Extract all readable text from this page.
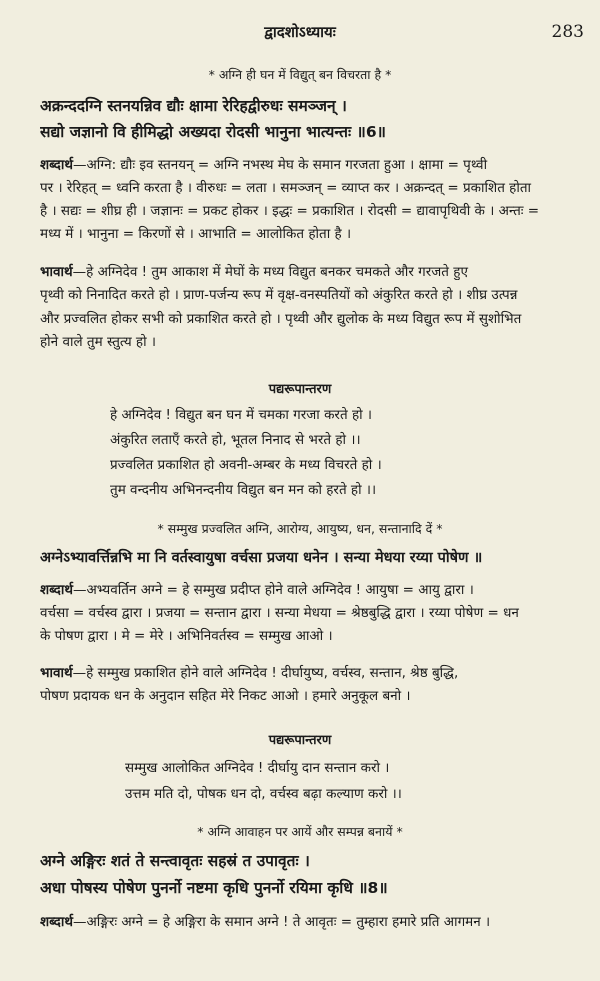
द्वादशोऽध्यायः	283
* अग्नि ही घन में विद्युत् बन विचरता है *
अक्रन्ददग्नि स्तनयन्निव द्यौः क्षामा रेरिहद्वीरुधः समञ्जन् ।
सद्यो जज्ञानो वि हीमिद्धो अख्यदा रोदसी भानुना भात्यन्तः ॥6॥
शब्दार्थ—अग्नि: द्यौः इव स्तनयन् = अग्नि नभस्थ मेघ के समान गरजता हुआ । क्षामा = पृथ्वी
पर । रेरिहत् = ध्वनि करता है । वीरुधः = लता । समञ्जन् = व्याप्त कर । अक्रन्दत् = प्रकाशित होता
है । सद्यः = शीघ्र ही । जज्ञानः = प्रकट होकर । इद्धः = प्रकाशित । रोदसी = द्यावापृथिवी के । अन्तः =
मध्य में । भानुना = किरणों से । आभाति = आलोकित होता है ।
भावार्थ—हे अग्निदेव ! तुम आकाश में मेघों के मध्य विद्युत बनकर चमकते और गरजते हुए
पृथ्वी को निनादित करते हो । प्राण-पर्जन्य रूप में वृक्ष-वनस्पतियों को अंकुरित करते हो । शीघ्र उत्पन्न
और प्रज्वलित होकर सभी को प्रकाशित करते हो । पृथ्वी और द्युलोक के मध्य विद्युत रूप में सुशोभित
होने वाले तुम स्तुत्य हो ।
पद्यरूपान्तरण
हे अग्निदेव ! विद्युत बन घन में चमका गरजा करते हो ।
अंकुरित लताएँ करते हो, भूतल निनाद से भरते हो ।।
प्रज्वलित प्रकाशित हो अवनी-अम्बर के मध्य विचरते हो ।
तुम वन्दनीय अभिनन्दनीय विद्युत बन मन को हरते हो ।।
* सम्मुख प्रज्वलित अग्नि, आरोग्य, आयुष्य, धन, सन्तानादि दें *
अग्नेऽभ्यावर्त्तिन्नभि मा नि वर्तस्वायुषा वर्चसा प्रजया धनेन । सन्या मेधया रय्या पोषेण ॥
शब्दार्थ—अभ्यवर्तिन अग्ने = हे सम्मुख प्रदीप्त होने वाले अग्निदेव ! आयुषा = आयु द्वारा ।
वर्चसा = वर्चस्व द्वारा । प्रजया = सन्तान द्वारा । सन्या मेधया = श्रेष्ठबुद्धि द्वारा । रय्या पोषेण = धन
के पोषण द्वारा । मे = मेरे । अभिनिवर्तस्व = सम्मुख आओ ।
भावार्थ—हे सम्मुख प्रकाशित होने वाले अग्निदेव ! दीर्घायुष्य, वर्चस्व, सन्तान, श्रेष्ठ बुद्धि,
पोषण प्रदायक धन के अनुदान सहित मेरे निकट आओ । हमारे अनुकूल बनो ।
पद्यरूपान्तरण
सम्मुख आलोकित अग्निदेव ! दीर्घायु दान सन्तान करो ।
उत्तम मति दो, पोषक धन दो, वर्चस्व बढ़ा कल्याण करो ।।
* अग्नि आवाहन पर आयें और सम्पन्न बनायें *
अग्ने अङ्गिरः शतं ते सन्त्वावृतः सहस्रं त उपावृतः ।
अधा पोषस्य पोषेण पुनर्नो नष्टमा कृधि पुनर्नो रयिमा कृधि ॥8॥
शब्दार्थ—अङ्गिरः अग्ने = हे अङ्गिरा के समान अग्ने ! ते आवृतः = तुम्हारा हमारे प्रति आगमन ।
